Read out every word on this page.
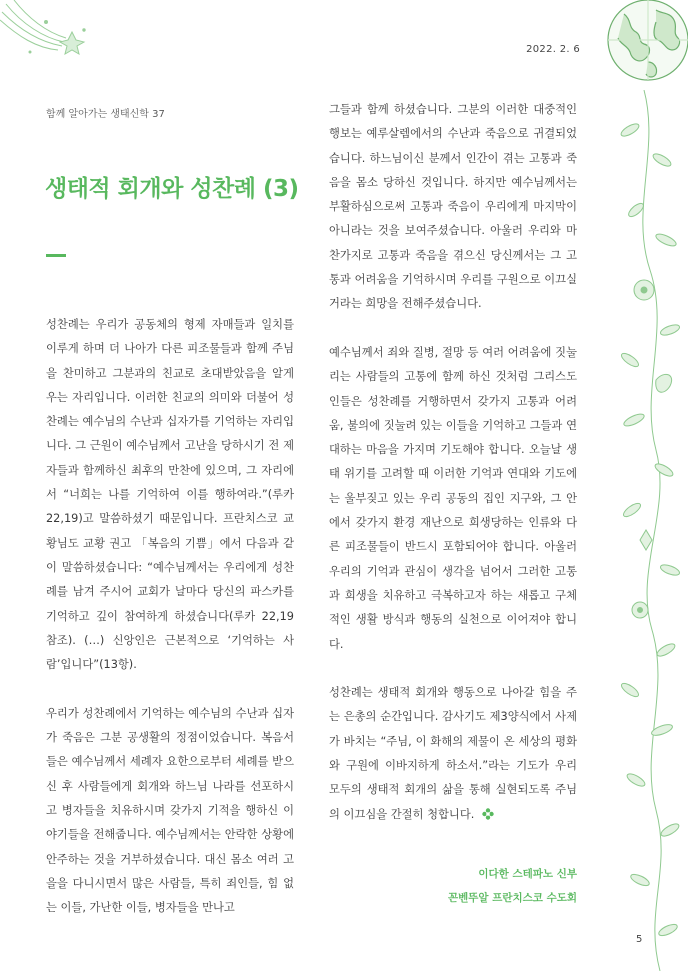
2022. 2. 6
함께 알아가는 생태신학 37
생태적 회개와 성찬례 (3)

성찬례는 우리가 공동체의 형제 자매들과 일치를 이루게 하며 더 나아가 다른 피조물들과 함께 주님을 찬미하고 그분과의 친교로 초대받았음을 알게 우는 자리입니다. 이러한 친교의 의미와 더불어 성찬례는 예수님의 수난과 십자가를 기억하는 자리입니다. 그 근원이 예수님께서 고난을 당하시기 전 제자들과 함께하신 최후의 만찬에 있으며, 그 자리에서 “너희는 나를 기억하여 이를 행하여라.”(루카 22,19)고 말씀하셨기 때문입니다. 프란치스코 교황님도 교황 권고 「복음의 기쁨」에서 다음과 같이 말씀하셨습니다: “예수님께서는 우리에게 성찬례를 남겨 주시어 교회가 날마다 당신의 파스카를 기억하고 깊이 참여하게 하셨습니다(루카 22,19 참조). (…) 신앙인은 근본적으로 ‘기억하는 사람’입니다”(13항).

우리가 성찬례에서 기억하는 예수님의 수난과 십자가 죽음은 그분 공생활의 정점이었습니다. 복음서들은 예수님께서 세례자 요한으로부터 세례를 받으신 후 사람들에게 회개와 하느님 나라를 선포하시고 병자들을 치유하시며 갖가지 기적을 행하신 이야기들을 전해줍니다. 예수님께서는 안락한 상황에 안주하는 것을 거부하셨습니다. 대신 몸소 여러 고을을 다니시면서 많은 사람들, 특히 죄인들, 힘 없는 이들, 가난한 이들, 병자들을 만나고

그들과 함께 하셨습니다. 그분의 이러한 대중적인 행보는 예루살렘에서의 수난과 죽음으로 귀결되었습니다. 하느님이신 분께서 인간이 겪는 고통과 죽음을 몸소 당하신 것입니다. 하지만 예수님께서는 부활하심으로써 고통과 죽음이 우리에게 마지막이 아니라는 것을 보여주셨습니다. 아울러 우리와 마찬가지로 고통과 죽음을 겪으신 당신께서는 그 고통과 어려움을 기억하시며 우리를 구원으로 이끄실 거라는 희망을 전해주셨습니다.

예수님께서 죄와 질병, 절망 등 여러 어려움에 짓눌리는 사람들의 고통에 함께 하신 것처럼 그리스도인들은 성찬례를 거행하면서 갖가지 고통과 어려움, 불의에 짓눌려 있는 이들을 기억하고 그들과 연대하는 마음을 가지며 기도해야 합니다. 오늘날 생태 위기를 고려할 때 이러한 기억과 연대와 기도에는 울부짖고 있는 우리 공동의 집인 지구와, 그 안에서 갖가지 환경 재난으로 희생당하는 인류와 다른 피조물들이 반드시 포함되어야 합니다. 아울러 우리의 기억과 관심이 생각을 넘어서 그러한 고통과 희생을 치유하고 극복하고자 하는 새롭고 구체적인 생활 방식과 행동의 실천으로 이어져야 합니다.

성찬례는 생태적 회개와 행동으로 나아갈 힘을 주는 은총의 순간입니다. 감사기도 제3양식에서 사제가 바치는 “주님, 이 화해의 제물이 온 세상의 평화와 구원에 이바지하게 하소서.”라는 기도가 우리 모두의 생태적 회개의 삶을 통해 실현되도록 주님의 이끄심을 간절히 청합니다.

이다한 스테파노 신부
꼰벤뚜알 프란치스코 수도회
5
